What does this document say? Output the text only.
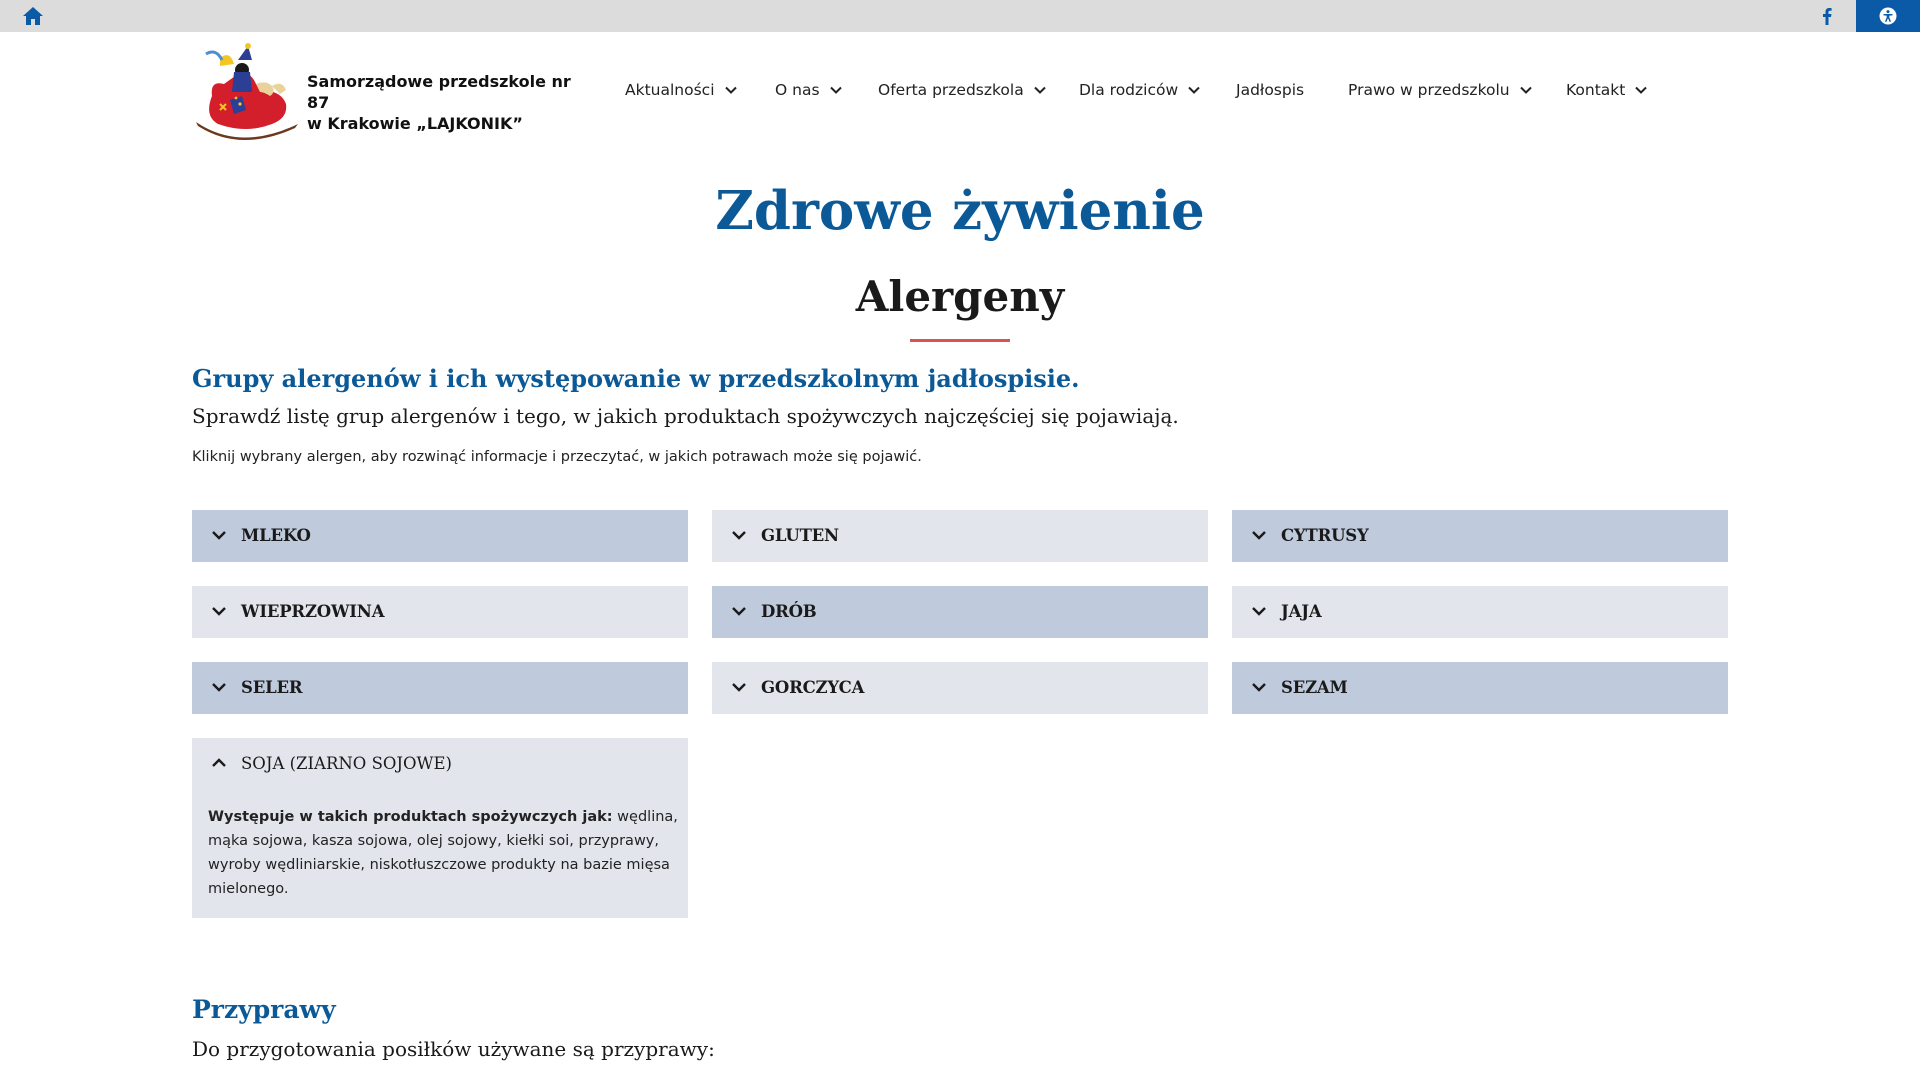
Samorządowe przedszkole nr 87
w Krakowie „LAJKONIK”
Aktualności	O nas	Oferta przedszkola	Dla rodziców	Jadłospis	Prawo w przedszkolu	Kontakt
Zdrowe żywienie
Alergeny
Grupy alergenów i ich występowanie w przedszkolnym jadłospisie.

Sprawdź listę grup alergenów i tego, w jakich produktach spożywczych najczęściej się pojawiają.

Kliknij wybrany alergen, aby rozwinąć informacje i przeczytać, w jakich potrawach może się pojawić.

MLEKO	GLUTEN	CYTRUSY
WIEPRZOWINA	DRÓB	JAJA
SELER	GORCZYCA	SEZAM
SOJA (ZIARNO SOJOWE)
Występuje w takich produktach spożywczych jak: wędlina, mąka sojowa, kasza sojowa, olej sojowy, kiełki soi, przyprawy, wyroby wędliniarskie, niskotłuszczowe produkty na bazie mięsa mielonego.
Przyprawy

Do przygotowania posiłków używane są przyprawy:
